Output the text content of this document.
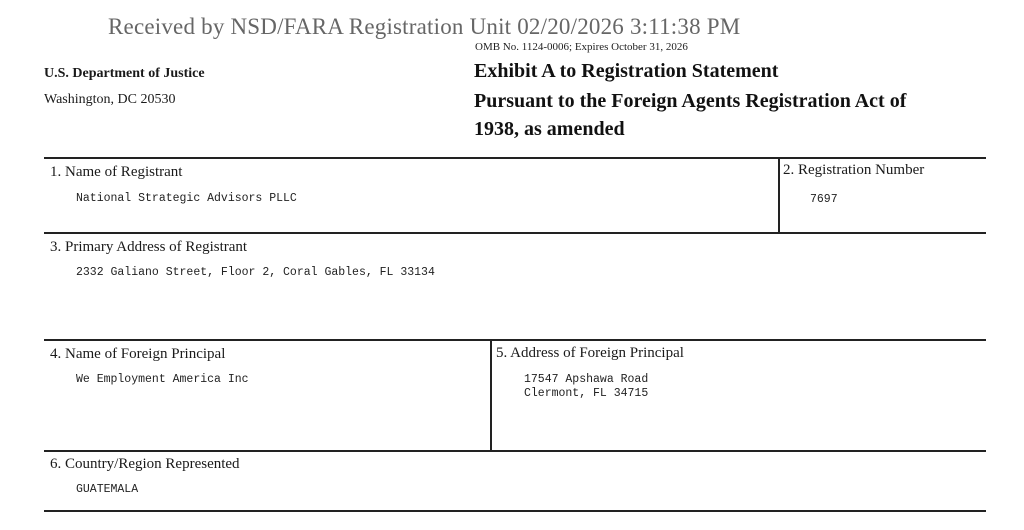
Received by NSD/FARA Registration Unit 02/20/2026 3:11:38 PM
OMB No. 1124-0006; Expires October 31, 2026
U.S. Department of Justice
Washington, DC 20530
Exhibit A to Registration Statement
Pursuant to the Foreign Agents Registration Act of
1938, as amended
1. Name of Registrant
National Strategic Advisors PLLC
2. Registration Number
7697
3. Primary Address of Registrant
2332 Galiano Street, Floor 2, Coral Gables, FL 33134
4. Name of Foreign Principal
We Employment America Inc
5. Address of Foreign Principal
17547 Apshawa Road
Clermont, FL 34715
6. Country/Region Represented
GUATEMALA
